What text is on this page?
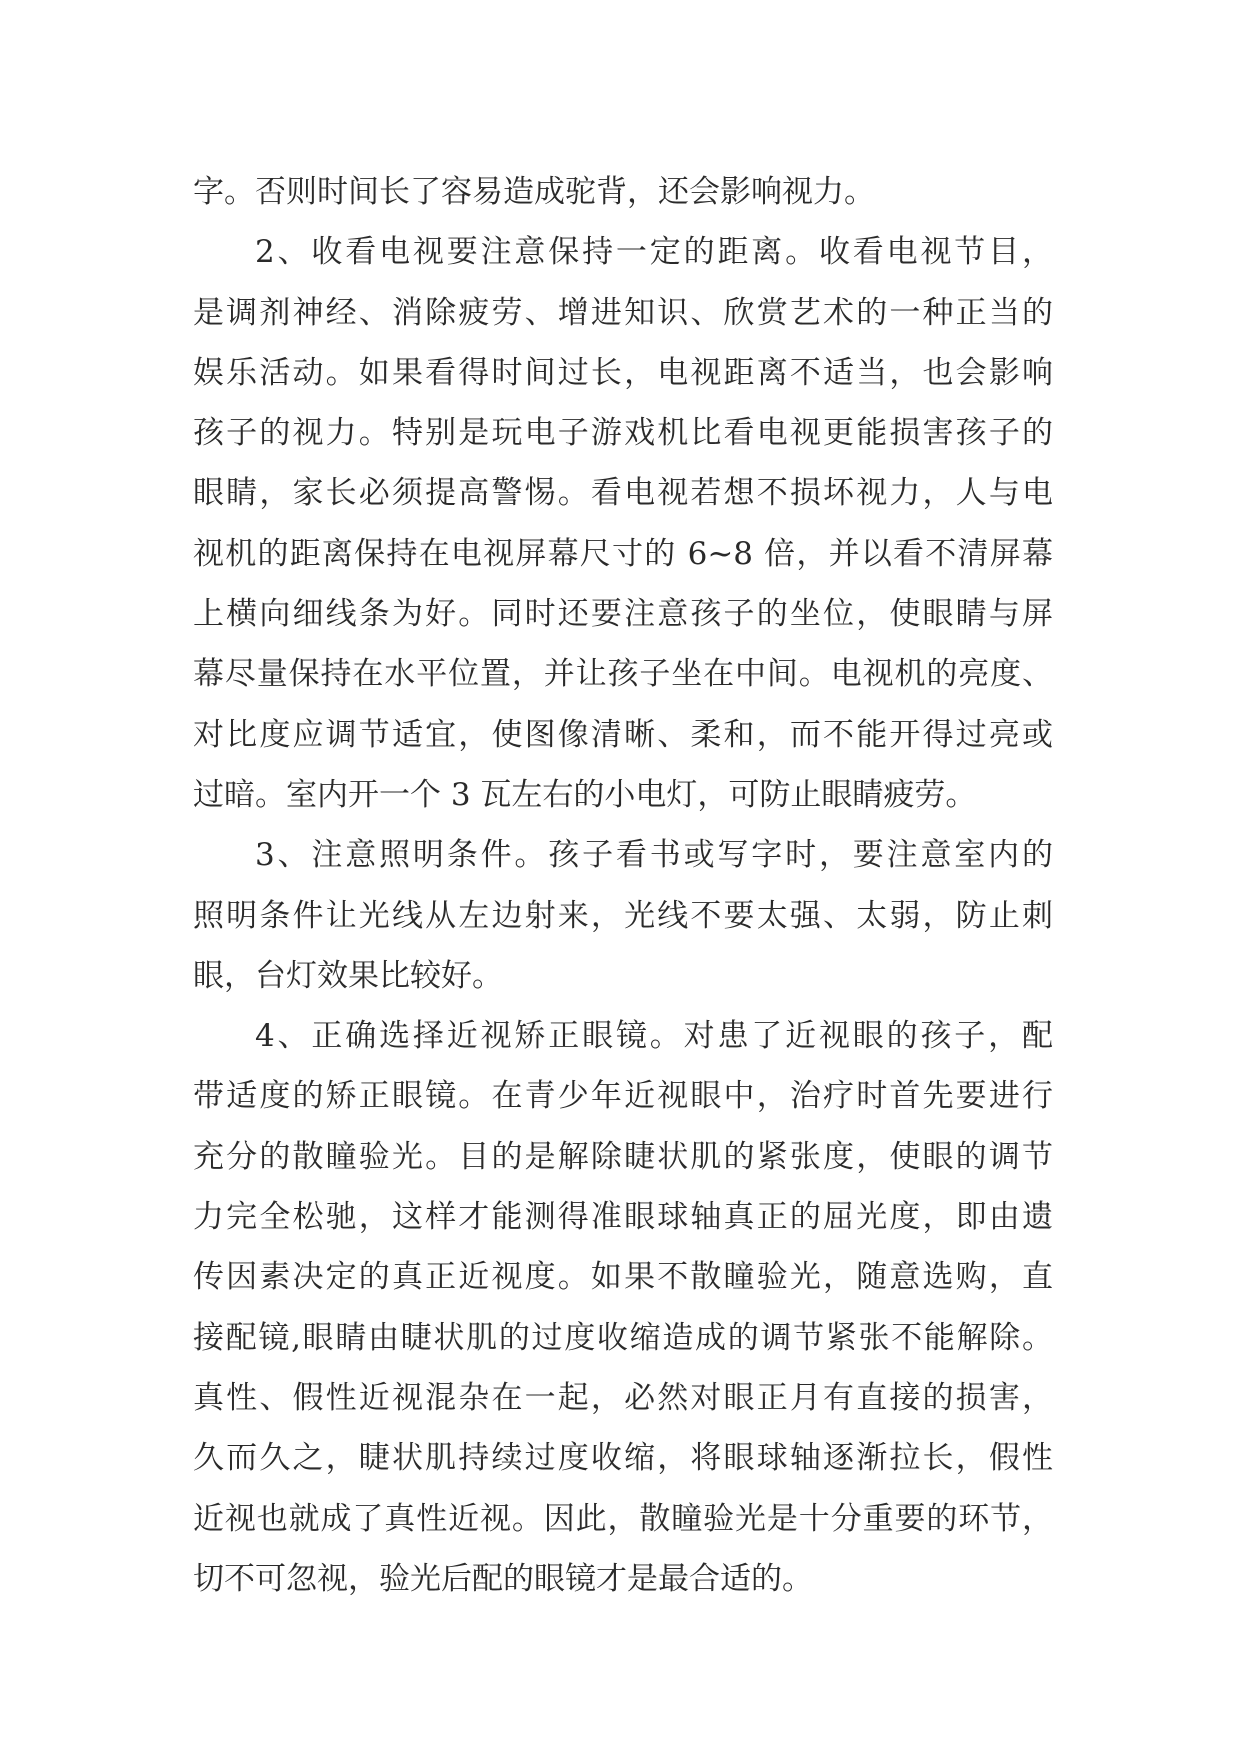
字。否则时间长了容易造成驼背，还会影响视力。
2、收看电视要注意保持一定的距离。收看电视节目，
是调剂神经、消除疲劳、增进知识、欣赏艺术的一种正当的
娱乐活动。如果看得时间过长，电视距离不适当，也会影响
孩子的视力。特别是玩电子游戏机比看电视更能损害孩子的
眼睛，家长必须提高警惕。看电视若想不损坏视力，人与电
视机的距离保持在电视屏幕尺寸的 6~8 倍，并以看不清屏幕
上横向细线条为好。同时还要注意孩子的坐位，使眼睛与屏
幕尽量保持在水平位置，并让孩子坐在中间。电视机的亮度、
对比度应调节适宜，使图像清晰、柔和，而不能开得过亮或
过暗。室内开一个 3 瓦左右的小电灯，可防止眼睛疲劳。
3、注意照明条件。孩子看书或写字时，要注意室内的
照明条件让光线从左边射来，光线不要太强、太弱，防止刺
眼，台灯效果比较好。
4、正确选择近视矫正眼镜。对患了近视眼的孩子，配
带适度的矫正眼镜。在青少年近视眼中，治疗时首先要进行
充分的散瞳验光。目的是解除睫状肌的紧张度，使眼的调节
力完全松驰，这样才能测得准眼球轴真正的屈光度，即由遗
传因素决定的真正近视度。如果不散瞳验光，随意选购，直
接配镜,眼睛由睫状肌的过度收缩造成的调节紧张不能解除。
真性、假性近视混杂在一起，必然对眼正月有直接的损害，
久而久之，睫状肌持续过度收缩，将眼球轴逐渐拉长，假性
近视也就成了真性近视。因此，散瞳验光是十分重要的环节，
切不可忽视，验光后配的眼镜才是最合适的。
